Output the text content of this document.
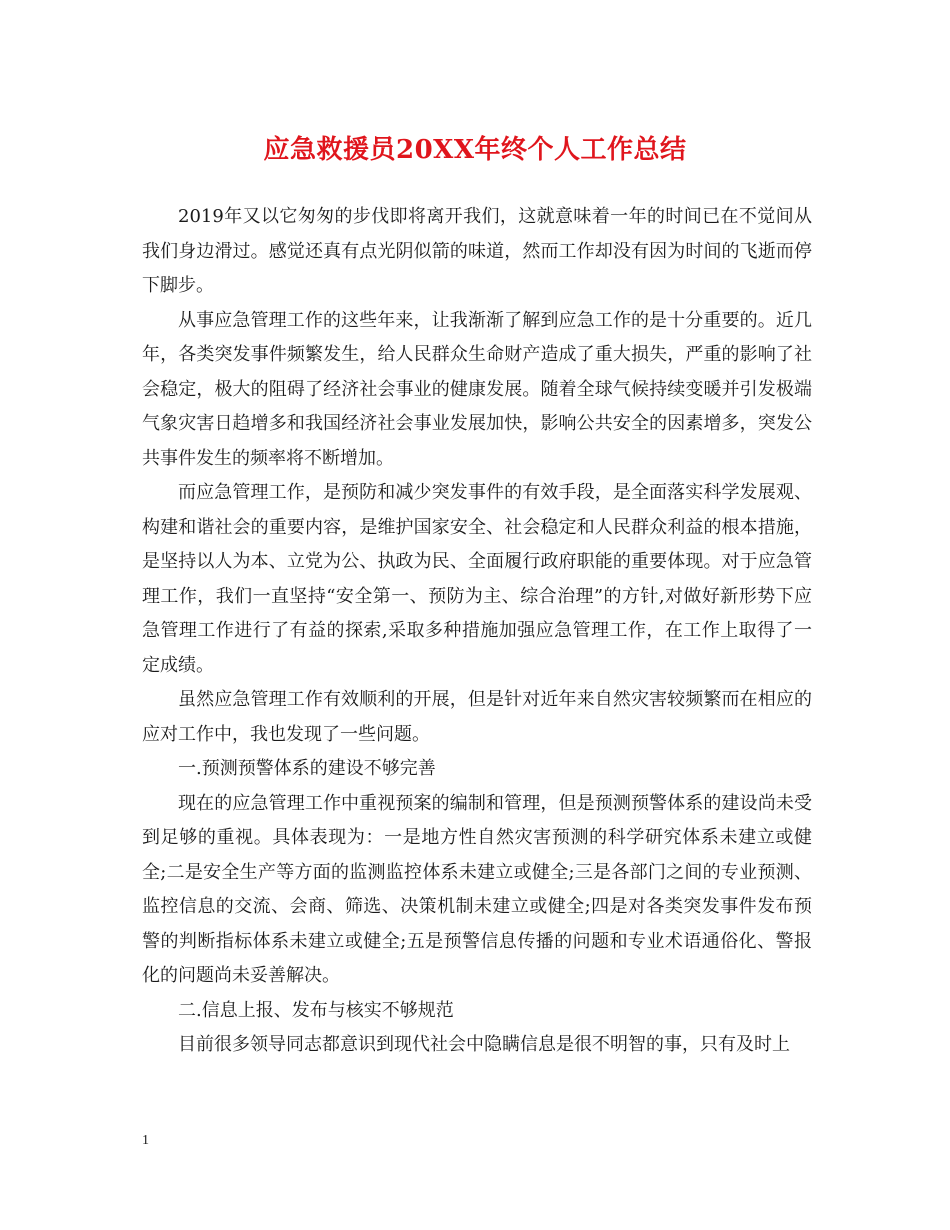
应急救援员20XX年终个人工作总结

2019年又以它匆匆的步伐即将离开我们，这就意味着一年的时间已在不觉间从我们身边滑过。感觉还真有点光阴似箭的味道，然而工作却没有因为时间的飞逝而停下脚步。

从事应急管理工作的这些年来，让我渐渐了解到应急工作的是十分重要的。近几年，各类突发事件频繁发生，给人民群众生命财产造成了重大损失，严重的影响了社会稳定，极大的阻碍了经济社会事业的健康发展。随着全球气候持续变暖并引发极端气象灾害日趋增多和我国经济社会事业发展加快，影响公共安全的因素增多，突发公共事件发生的频率将不断增加。

而应急管理工作，是预防和减少突发事件的有效手段，是全面落实科学发展观、构建和谐社会的重要内容，是维护国家安全、社会稳定和人民群众利益的根本措施，是坚持以人为本、立党为公、执政为民、全面履行政府职能的重要体现。对于应急管理工作，我们一直坚持“安全第一、预防为主、综合治理”的方针,对做好新形势下应急管理工作进行了有益的探索,采取多种措施加强应急管理工作，在工作上取得了一定成绩。

虽然应急管理工作有效顺利的开展，但是针对近年来自然灾害较频繁而在相应的应对工作中，我也发现了一些问题。

一.预测预警体系的建设不够完善

现在的应急管理工作中重视预案的编制和管理，但是预测预警体系的建设尚未受到足够的重视。具体表现为：一是地方性自然灾害预测的科学研究体系未建立或健全;二是安全生产等方面的监测监控体系未建立或健全;三是各部门之间的专业预测、监控信息的交流、会商、筛选、决策机制未建立或健全;四是对各类突发事件发布预警的判断指标体系未建立或健全;五是预警信息传播的问题和专业术语通俗化、警报化的问题尚未妥善解决。

二.信息上报、发布与核实不够规范

目前很多领导同志都意识到现代社会中隐瞒信息是很不明智的事，只有及时上

1
